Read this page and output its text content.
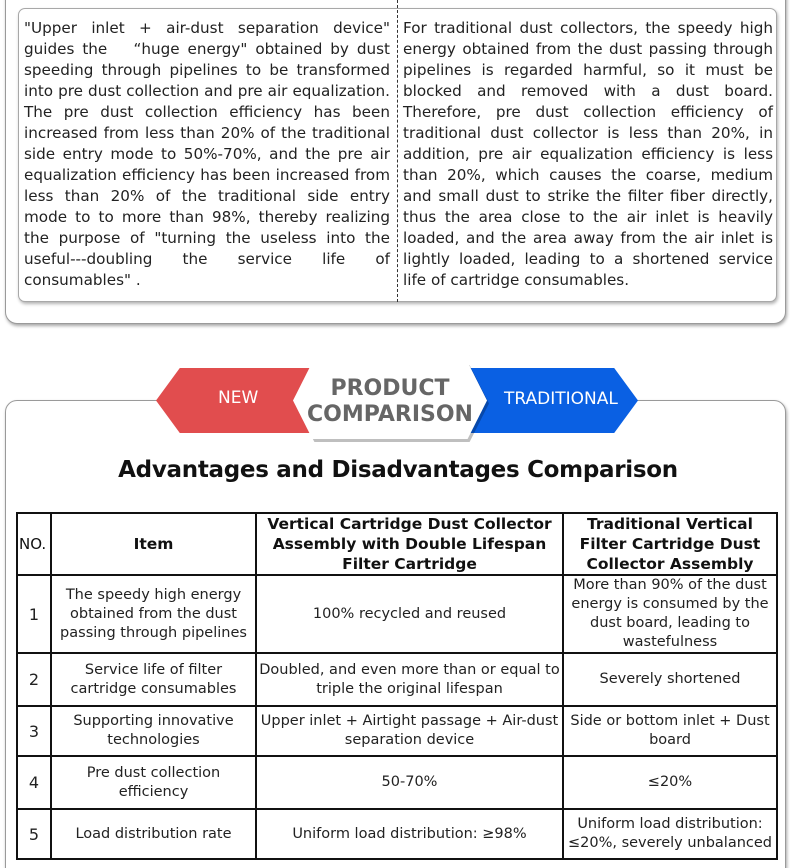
"Upper inlet + air-dust separation device" guides the 　“huge energy" obtained by dust speeding through pipelines to be transformed into pre dust collection and pre air equalization. The pre dust collection efficiency has been increased from less than 20% of the traditional side entry mode to 50%-70%, and the pre air equalization efficiency has been increased from less than 20% of the traditional side entry mode to to more than 98%, thereby realizing the purpose of "turning the useless into the useful---doubling the service life of consumables" .

For traditional dust collectors, the speedy high energy obtained from the dust passing through pipelines is regarded harmful, so it must be blocked and removed with a dust board. Therefore, pre dust collection efficiency of traditional dust collector is less than 20%, in addition, pre air equalization efficiency is less than 20%, which causes the coarse, medium and small dust to strike the filter fiber directly, thus the area close to the air inlet is heavily loaded, and the area away from the air inlet is lightly loaded, leading to a shortened service life of cartridge consumables.

NEW	TRADITIONAL
PRODUCT
COMPARISON
Advantages and Disadvantages Comparison
NO.	Item	Vertical Cartridge Dust Collector Assembly with Double Lifespan Filter Cartridge	Traditional Vertical Filter Cartridge Dust Collector Assembly
1	The speedy high energy obtained from the dust passing through pipelines	100% recycled and reused	More than 90% of the dust energy is consumed by the dust board, leading to wastefulness
2	Service life of filter cartridge consumables	Doubled, and even more than or equal to triple the original lifespan	Severely shortened
3	Supporting innovative technologies	Upper inlet + Airtight passage + Air-dust separation device	Side or bottom inlet + Dust board
4	Pre dust collection efficiency	50-70%	≤20%
5	Load distribution rate	Uniform load distribution: ≥98%	Uniform load distribution: ≤20%, severely unbalanced
